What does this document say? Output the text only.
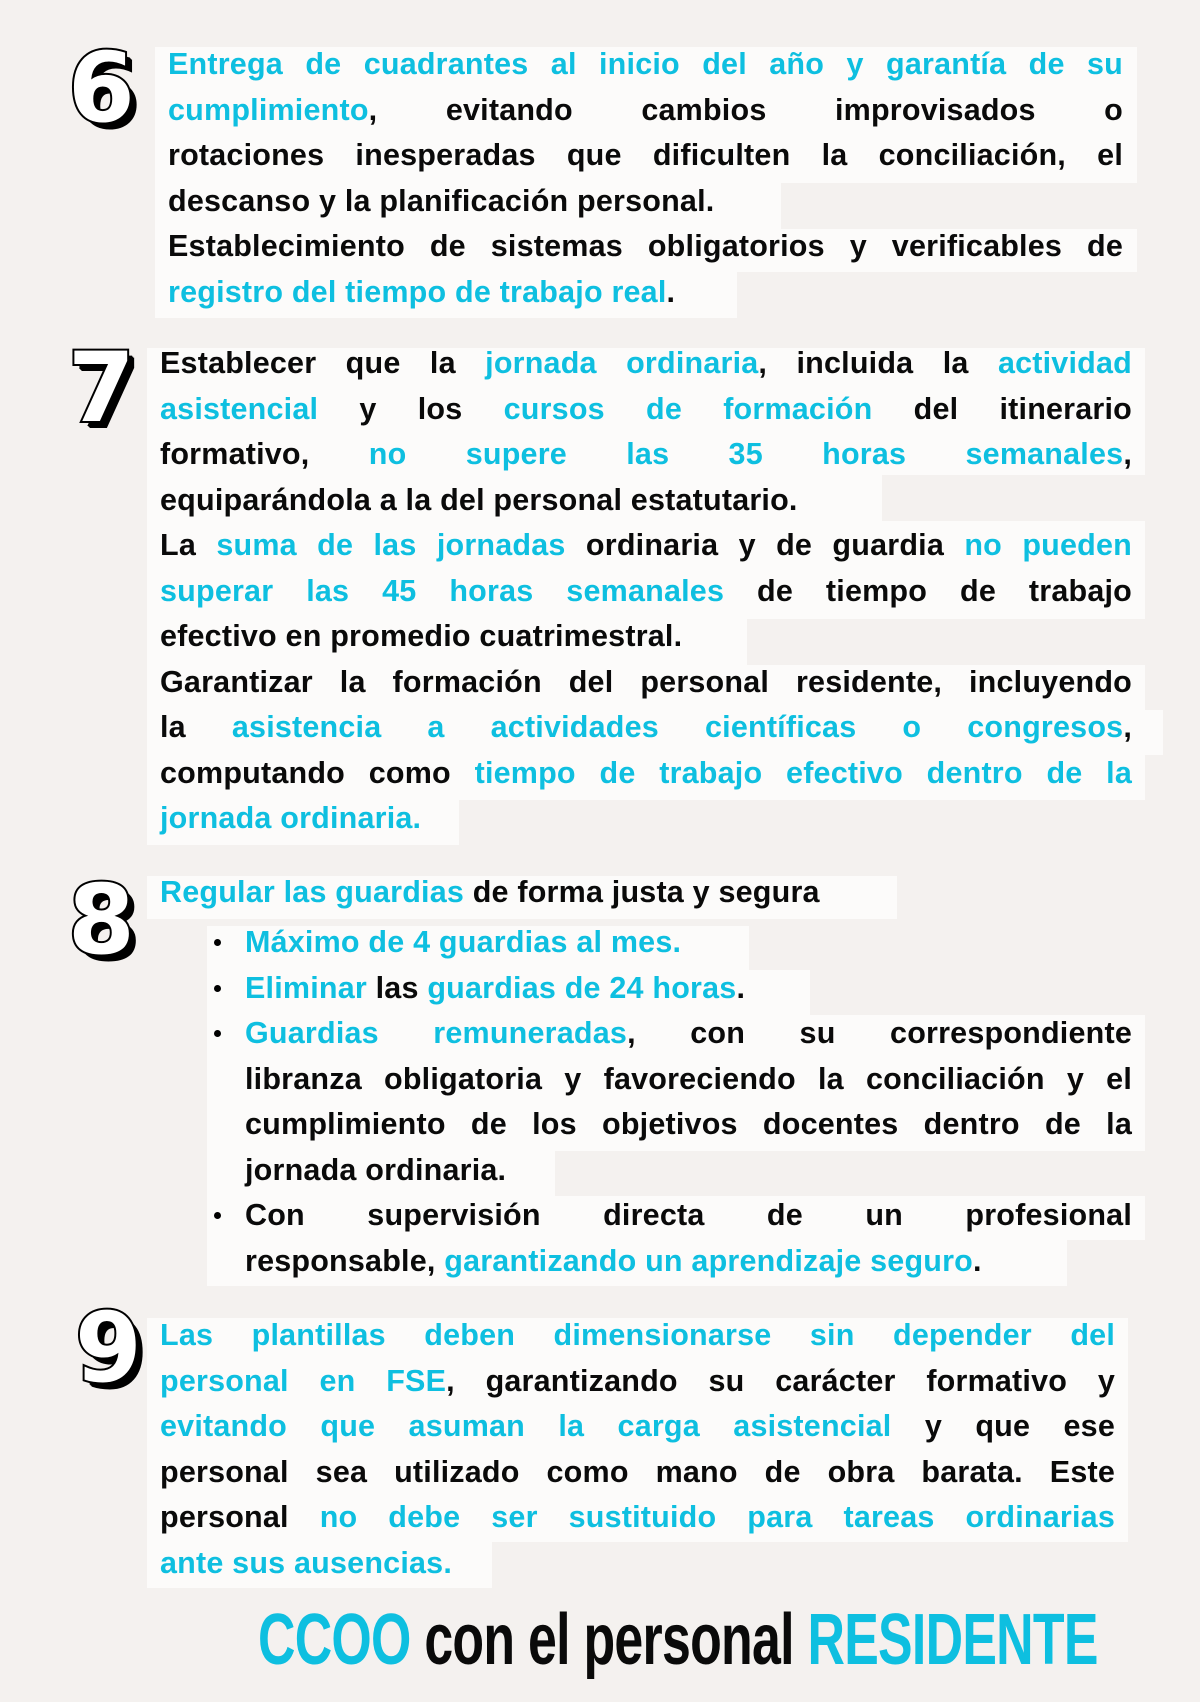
6 Entrega de cuadrantes al inicio del año y garantía de su
cumplimiento, evitando cambios improvisados o
rotaciones inesperadas que dificulten la conciliación, el
descanso y la planificación personal.
Establecimiento de sistemas obligatorios y verificables de
registro del tiempo de trabajo real.
7 Establecer que la jornada ordinaria, incluida la actividad
asistencial y los cursos de formación del itinerario
formativo, no supere las 35 horas semanales,
equiparándola a la del personal estatutario.
La suma de las jornadas ordinaria y de guardia no pueden
superar las 45 horas semanales de tiempo de trabajo
efectivo en promedio cuatrimestral.
Garantizar la formación del personal residente, incluyendo
la asistencia a actividades científicas o congresos,
computando como tiempo de trabajo efectivo dentro de la
jornada ordinaria.
8 Regular las guardias de forma justa y segura
Máximo de 4 guardias al mes.
Eliminar las guardias de 24 horas.
Guardias remuneradas, con su correspondiente
libranza obligatoria y favoreciendo la conciliación y el
cumplimiento de los objetivos docentes dentro de la
jornada ordinaria.
Con supervisión directa de un profesional
responsable, garantizando un aprendizaje seguro.
9 Las plantillas deben dimensionarse sin depender del
personal en FSE, garantizando su carácter formativo y
evitando que asuman la carga asistencial y que ese
personal sea utilizado como mano de obra barata. Este
personal no debe ser sustituido para tareas ordinarias
ante sus ausencias.
CCOO con el personal RESIDENTE
